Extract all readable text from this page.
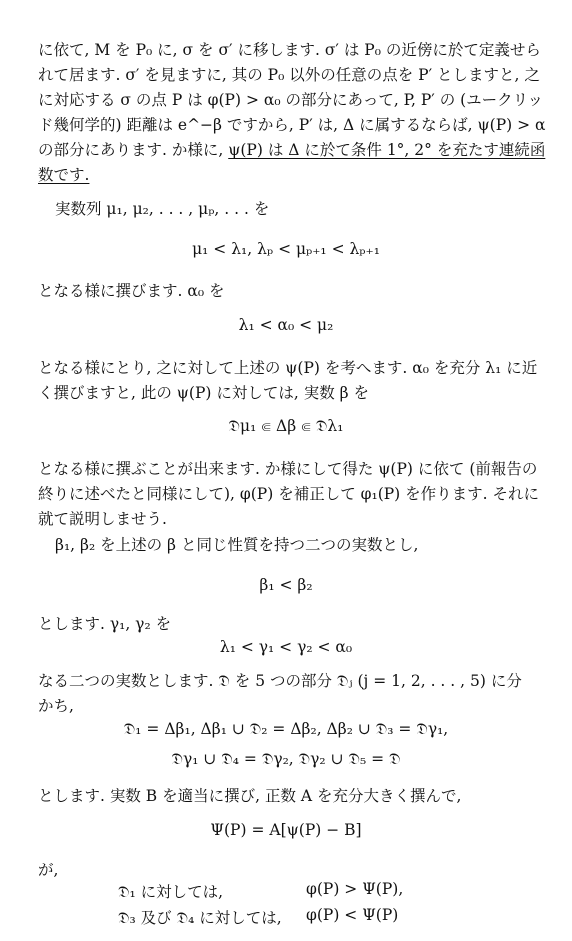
に依て, M を P₀ に, σ を σ′ に移します. σ′ は P₀ の近傍に於て定義せら
れて居ます. σ′ を見ますに, 其の P₀ 以外の任意の点を P′ としますと, 之
に対応する σ の点 P は φ(P) > α₀ の部分にあって, P, P′ の (ユークリッ
ド幾何学的) 距離は e^−β ですから, P′ は, Δ に属するならば, ψ(P) > α
の部分にあります. か様に, ψ(P) は Δ に於て条件 1°, 2° を充たす連続函
数です.
実数列 μ₁, μ₂, . . . , μₚ, . . . を
μ₁ < λ₁, λₚ < μₚ₊₁ < λₚ₊₁
となる様に撰びます. α₀ を
λ₁ < α₀ < μ₂
となる様にとり, 之に対して上述の ψ(P) を考へます. α₀ を充分 λ₁ に近
く撰びますと, 此の ψ(P) に対しては, 実数 β を
𝔇μ₁ ⋐ Δβ ⋐ 𝔇λ₁
となる様に撰ぶことが出来ます. か様にして得た ψ(P) に依て (前報告の
終りに述べたと同様にして), φ(P) を補正して φ₁(P) を作ります. それに
就て説明しませう.
β₁, β₂ を上述の β と同じ性質を持つ二つの実数とし,
β₁ < β₂
とします. γ₁, γ₂ を
λ₁ < γ₁ < γ₂ < α₀
なる二つの実数とします. 𝔇 を 5 つの部分 𝔇ⱼ (j = 1, 2, . . . , 5) に分
かち,
𝔇₁ = Δβ₁, Δβ₁ ∪ 𝔇₂ = Δβ₂, Δβ₂ ∪ 𝔇₃ = 𝔇γ₁,
𝔇γ₁ ∪ 𝔇₄ = 𝔇γ₂, 𝔇γ₂ ∪ 𝔇₅ = 𝔇
とします. 実数 B を適当に撰び, 正数 A を充分大きく撰んで,
Ψ(P) = A[ψ(P) − B]
が,
𝔇₁ に対しては,	φ(P) > Ψ(P),
𝔇₃ 及び 𝔇₄ に対しては, φ(P) < Ψ(P)
